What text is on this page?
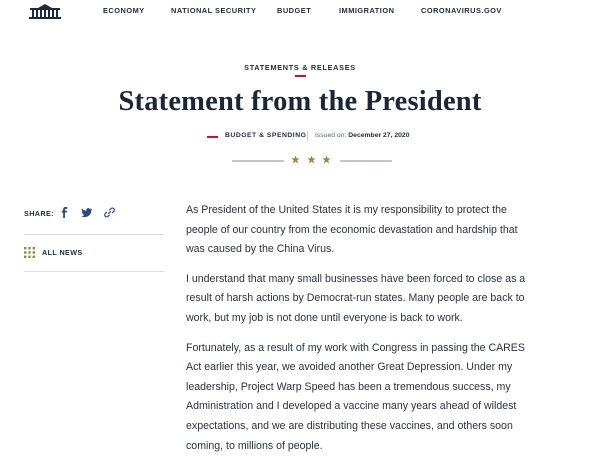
ECONOMY	NATIONAL SECURITY	BUDGET	IMMIGRATION	CORONAVIRUS.GOV
STATEMENTS & RELEASES
Statement from the President
BUDGET & SPENDING Issued on: December 27, 2020
SHARE:
ALL NEWS

As President of the United States it is my responsibility to protect the people of our country from the economic devastation and hardship that was caused by the China Virus.

I understand that many small businesses have been forced to close as a result of harsh actions by Democrat-run states. Many people are back to work, but my job is not done until everyone is back to work.

Fortunately, as a result of my work with Congress in passing the CARES Act earlier this year, we avoided another Great Depression. Under my leadership, Project Warp Speed has been a tremendous success, my Administration and I developed a vaccine many years ahead of wildest expectations, and we are distributing these vaccines, and others soon coming, to millions of people.
